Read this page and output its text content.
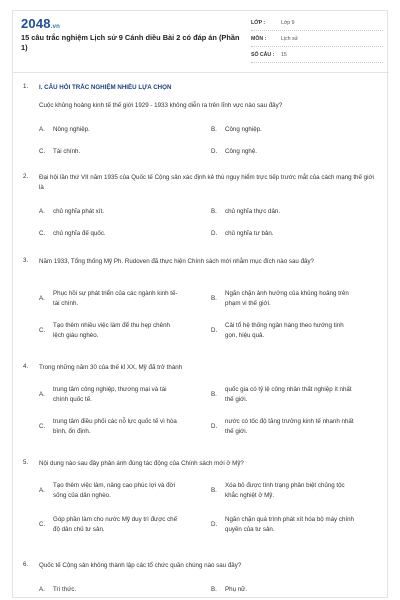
2048.vn
15 câu trắc nghiệm Lịch sử 9 Cánh diều Bài 2 có đáp án (Phần 1)
LỚP :	Lớp 9
MÔN :	Lịch sử
SỐ CÂU :	15
1. I. CÂU HỎI TRẮC NGHIỆM NHIỀU LỰA CHỌN
Cuộc khủng hoảng kinh tế thế giới 1929 - 1933 không diễn ra trên lĩnh vực nào sau đây?
A. Nông nghiệp.	B. Công nghiệp.
C. Tài chính.	D. Công nghệ.
2. Đại hội lần thứ VII năm 1935 của Quốc tế Cộng sản xác định kẻ thù nguy hiểm trực tiếp trước mắt của cách mạng thế giới là
A. chủ nghĩa phát xít.	B. chủ nghĩa thực dân.
C. chủ nghĩa đế quốc.	D. chủ nghĩa tư bản.
3. Năm 1933, Tổng thống Mỹ Ph. Rudoven đã thực hiện Chính sách mới nhằm mục đích nào sau đây?
A.
Phục hồi sự phát triển của các ngành kinh tế-tài chính.
B.
Ngăn chặn ảnh hưởng của khủng hoảng trên phạm vi thế giới.
C.
Tạo thêm nhiều việc làm để thu hẹp chênh lệch giàu nghèo.
D.
Cải tổ hệ thống ngân hàng theo hướng tinh gọn, hiệu quả.
4. Trong những năm 30 của thế kỉ XX, Mỹ đã trở thành
A.
trung tâm công nghiệp, thương mại và tài chính quốc tế.
B.
quốc gia có tỷ lệ công nhân thất nghiệp ít nhất thế giới.
C.
trung tâm điều phối các nỗ lực quốc tế vì hòa bình, ổn định.
D.
nước có tốc độ tăng trưởng kinh tế nhanh nhất thế giới.
5. Nội dung nào sau đây phản ánh đúng tác động của Chính sách mới ở Mỹ?
A.
Tạo thêm việc làm, nâng cao phúc lợi và đời sống của dân nghèo.
B.
Xóa bỏ được tình trạng phân biệt chủng tộc khắc nghiệt ở Mỹ.
C.
Góp phần làm cho nước Mỹ duy trì được chế độ dân chủ tư sản.
D.
Ngăn chặn quá trình phát xít hóa bộ máy chính quyền của tư sản.
6. Quốc tế Cộng sản không thành lập các tổ chức quần chúng nào sau đây?
A. Trí thức.	B. Phụ nữ.
